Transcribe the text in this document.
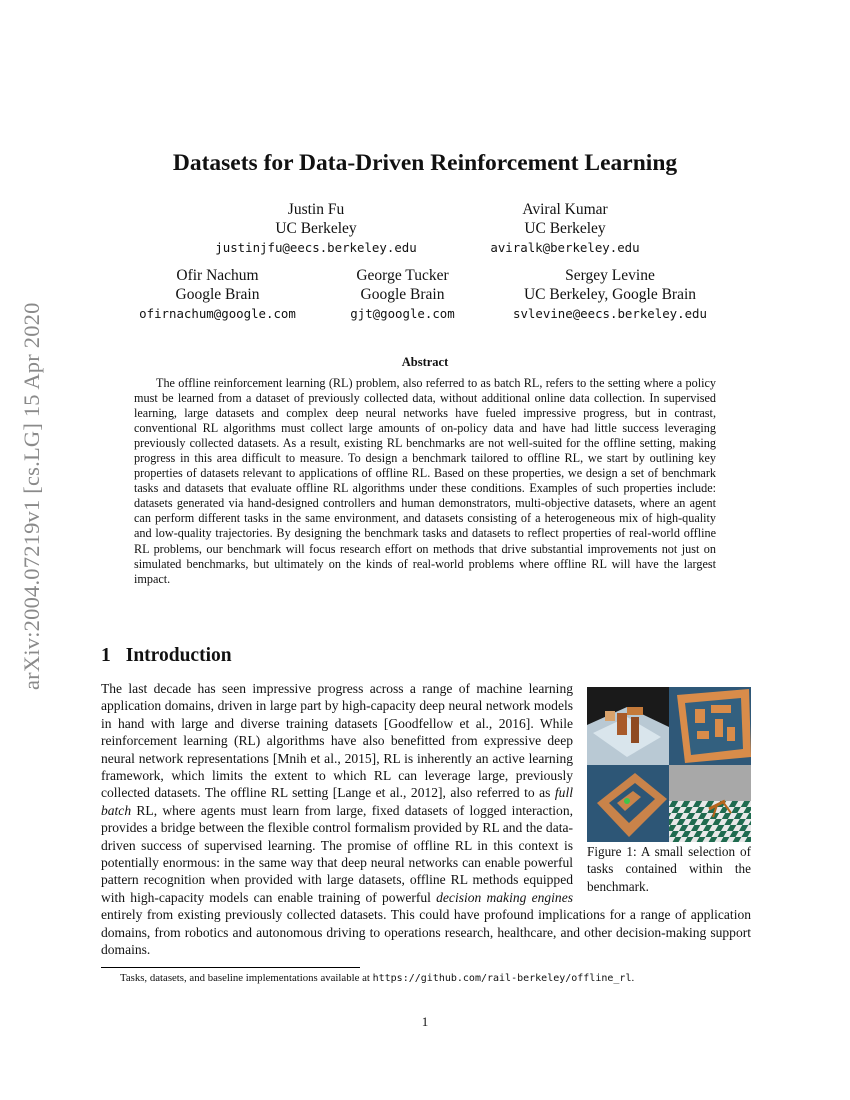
arXiv:2004.07219v1 [cs.LG] 15 Apr 2020
Datasets for Data-Driven Reinforcement Learning
Justin Fu
UC Berkeley
justinjfu@eecs.berkeley.edu
Aviral Kumar
UC Berkeley
aviralk@berkeley.edu
Ofir Nachum
Google Brain
ofirnachum@google.com
George Tucker
Google Brain
gjt@google.com
Sergey Levine
UC Berkeley, Google Brain
svlevine@eecs.berkeley.edu
Abstract

The offline reinforcement learning (RL) problem, also referred to as batch RL, refers to the setting where a policy must be learned from a dataset of previously collected data, without additional online data collection. In supervised learning, large datasets and complex deep neural networks have fueled impressive progress, but in contrast, conventional RL algorithms must collect large amounts of on-policy data and have had little success leveraging previously collected datasets. As a result, existing RL benchmarks are not well-suited for the offline setting, making progress in this area difficult to measure. To design a benchmark tailored to offline RL, we start by outlining key properties of datasets relevant to applications of offline RL. Based on these properties, we design a set of benchmark tasks and datasets that evaluate offline RL algorithms under these conditions. Examples of such properties include: datasets generated via hand-designed controllers and human demonstrators, multi-objective datasets, where an agent can perform different tasks in the same environment, and datasets consisting of a heterogeneous mix of high-quality and low-quality trajectories. By designing the benchmark tasks and datasets to reflect properties of real-world offline RL problems, our benchmark will focus research effort on methods that drive substantial improvements not just on simulated benchmarks, but ultimately on the kinds of real-world problems where offline RL will have the largest impact.

1 Introduction

Figure 1: A small selection of tasks contained within the benchmark.
The last decade has seen impressive progress across a range of machine learning application domains, driven in large part by high-capacity deep neural network models in hand with large and diverse training datasets [Goodfellow et al., 2016]. While reinforcement learning (RL) algorithms have also benefitted from expressive deep neural network representations [Mnih et al., 2015], RL is inherently an active learning framework, which limits the extent to which RL can leverage large, previously collected datasets. The offline RL setting [Lange et al., 2012], also referred to as full batch RL, where agents must learn from large, fixed datasets of logged interaction, provides a bridge between the flexible control formalism provided by RL and the data-driven success of supervised learning. The promise of offline RL in this context is potentially enormous: in the same way that deep neural networks can enable powerful pattern recognition when provided with large datasets, offline RL methods equipped with high-capacity models can enable training of powerful decision making engines entirely from existing previously collected datasets. This could have profound implications for a range of application domains, from robotics and autonomous driving to operations research, healthcare, and other decision-making support domains.

Tasks, datasets, and baseline implementations available at https://github.com/rail-berkeley/offline_rl.
1
